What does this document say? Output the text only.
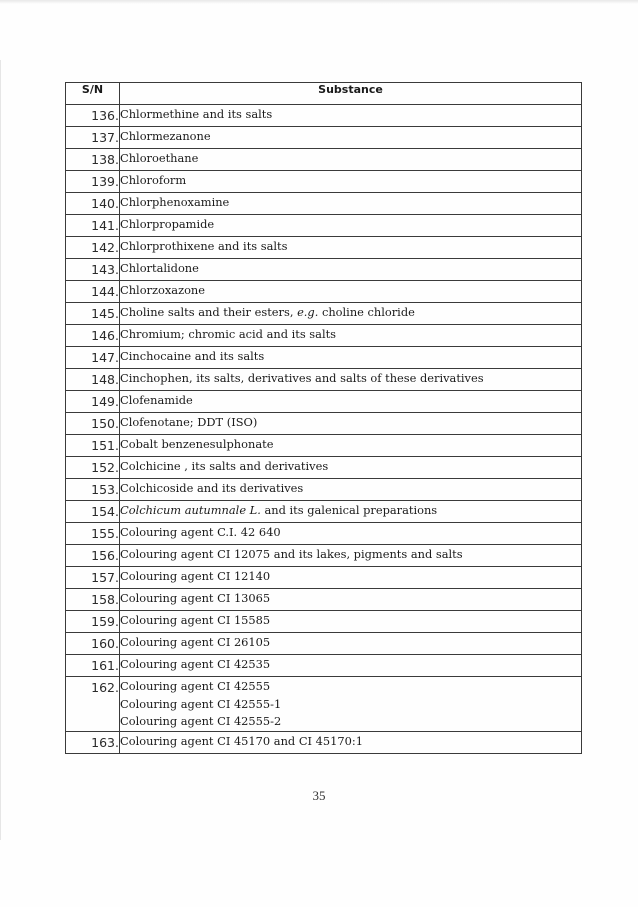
S/N	Substance
136.	Chlormethine and its salts
137.	Chlormezanone
138.	Chloroethane
139.	Chloroform
140.	Chlorphenoxamine
141.	Chlorpropamide
142.	Chlorprothixene and its salts
143.	Chlortalidone
144.	Chlorzoxazone
145.	Choline salts and their esters, e.g. choline chloride
146.	Chromium; chromic acid and its salts
147.	Cinchocaine and its salts
148.	Cinchophen, its salts, derivatives and salts of these derivatives
149.	Clofenamide
150.	Clofenotane; DDT (ISO)
151.	Cobalt benzenesulphonate
152.	Colchicine , its salts and derivatives
153.	Colchicoside and its derivatives
154.	Colchicum autumnale L. and its galenical preparations
155.	Colouring agent C.I. 42 640
156.	Colouring agent CI 12075 and its lakes, pigments and salts
157.	Colouring agent CI 12140
158.	Colouring agent CI 13065
159.	Colouring agent CI 15585
160.	Colouring agent CI 26105
161.	Colouring agent CI 42535
162.	Colouring agent CI 42555
Colouring agent CI 42555-1
Colouring agent CI 42555-2

163.	Colouring agent CI 45170 and CI 45170:1
35
